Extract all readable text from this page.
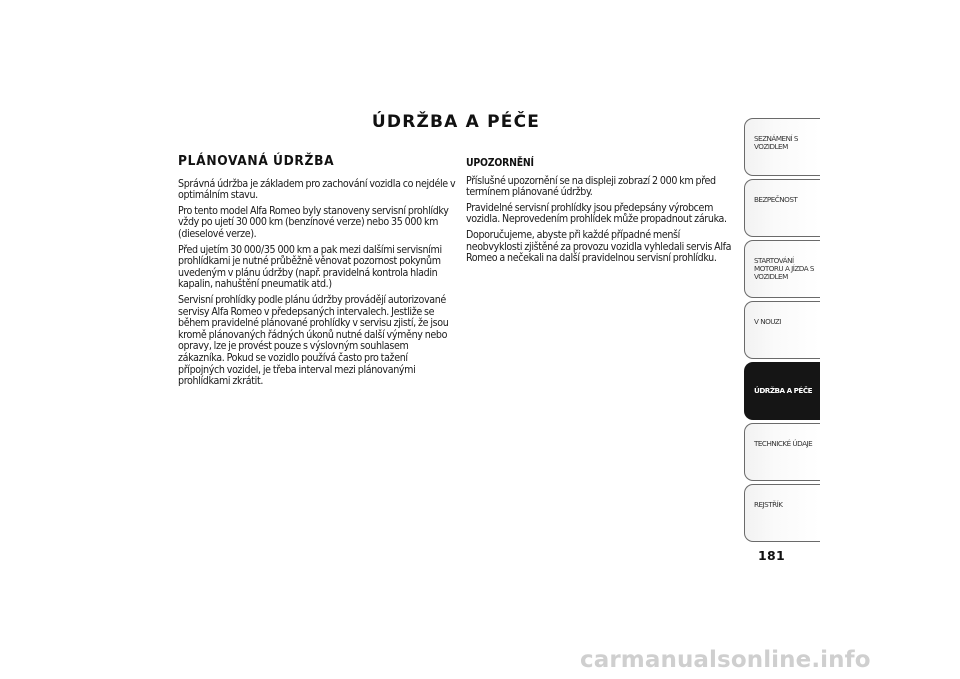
ÚDRŽBA A PÉČE
PLÁNOVANÁ ÚDRŽBA

Správná údržba je základem pro zachování vozidla co nejdéle v optimálním stavu.

Pro tento model Alfa Romeo byly stanoveny servisní prohlídky vždy po ujetí 30 000 km (benzínové verze) nebo 35 000 km (dieselové verze).

Před ujetím 30 000/35 000 km a pak mezi dalšími servisními prohlídkami je nutné průběžně věnovat pozornost pokynům uvedeným v plánu údržby (např. pravidelná kontrola hladin kapalin, nahuštění pneumatik atd.)

Servisní prohlídky podle plánu údržby provádějí autorizované servisy Alfa Romeo v předepsaných intervalech. Jestliže se během pravidelné plánované prohlídky v servisu zjistí, že jsou kromě plánovaných řádných úkonů nutné další výměny nebo opravy, lze je provést pouze s výslovným souhlasem zákazníka. Pokud se vozidlo používá často pro tažení přípojných vozidel, je třeba interval mezi plánovanými prohlídkami zkrátit.

UPOZORNĚNÍ

Příslušné upozornění se na displeji zobrazí 2 000 km před termínem plánované údržby.

Pravidelné servisní prohlídky jsou předepsány výrobcem vozidla. Neprovedením prohlídek může propadnout záruka.

Doporučujeme, abyste při každé případné menší neobvyklosti zjištěné za provozu vozidla vyhledali servis Alfa Romeo a nečekali na další pravidelnou servisní prohlídku.

SEZNÁMENÍ S VOZIDLEM
BEZPEČNOST
STARTOVÁNÍ MOTORU A JÍZDA S VOZIDLEM
V NOUZI
ÚDRŽBA A PÉČE
TECHNICKÉ ÚDAJE
REJSTŘÍK
181
carmanualsonline.info
